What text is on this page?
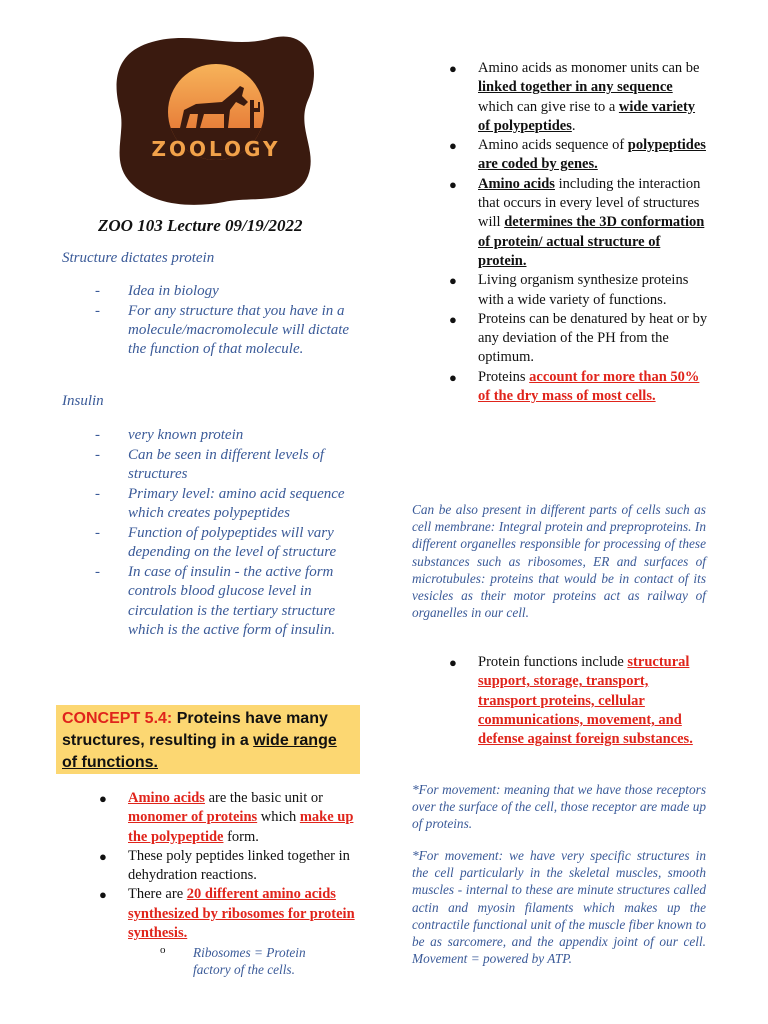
ZOOLOGY
ZOO 103 Lecture 09/19/2022
Structure dictates protein
- Idea in biology
- For any structure that you have in a molecule/macromolecule will dictate the function of that molecule.
Insulin
- very known protein
- Can be seen in different levels of structures
- Primary level: amino acid sequence which creates polypeptides
- Function of polypeptides will vary depending on the level of structure
- In case of insulin - the active form controls blood glucose level in circulation is the tertiary structure which is the active form of insulin.
CONCEPT 5.4: Proteins have many structures, resulting in a wide range of functions.
● Amino acids are the basic unit or monomer of proteins which make up the polypeptide form.
● These poly peptides linked together in dehydration reactions.
● There are 20 different amino acids synthesized by ribosomes for protein synthesis.
o Ribosomes = Protein factory of the cells.
● Amino acids as monomer units can be linked together in any sequence which can give rise to a wide variety of polypeptides.
● Amino acids sequence of polypeptides are coded by genes.
● Amino acids including the interaction that occurs in every level of structures will determines the 3D conformation of protein/ actual structure of protein.
● Living organism synthesize proteins with a wide variety of functions.
● Proteins can be denatured by heat or by any deviation of the PH from the optimum.
● Proteins account for more than 50% of the dry mass of most cells.
Can be also present in different parts of cells such as cell membrane: Integral protein and preproproteins. In different organelles responsible for processing of these substances such as ribosomes, ER and surfaces of microtubules: proteins that would be in contact of its vesicles as their motor proteins act as railway of organelles in our cell.
● Protein functions include structural support, storage, transport, transport proteins, cellular communications, movement, and defense against foreign substances.
*For movement: meaning that we have those receptors over the surface of the cell, those receptor are made up of proteins.
*For movement: we have very specific structures in the cell particularly in the skeletal muscles, smooth muscles - internal to these are minute structures called actin and myosin filaments which makes up the contractile functional unit of the muscle fiber known to be as sarcomere, and the appendix joint of our cell. Movement = powered by ATP.
